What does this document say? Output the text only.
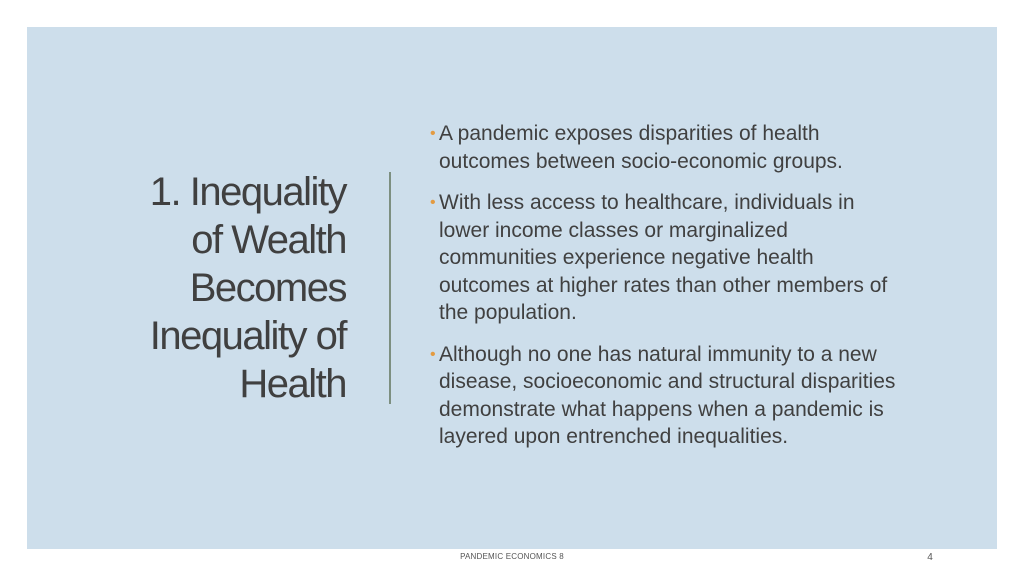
1. Inequality
of Wealth
Becomes
Inequality of
Health
• A pandemic exposes disparities of health
outcomes between socio-economic groups.
• With less access to healthcare, individuals in
lower income classes or marginalized
communities experience negative health
outcomes at higher rates than other members of
the population.
• Although no one has natural immunity to a new
disease, socioeconomic and structural disparities
demonstrate what happens when a pandemic is
layered upon entrenched inequalities.
PANDEMIC ECONOMICS 8	4
